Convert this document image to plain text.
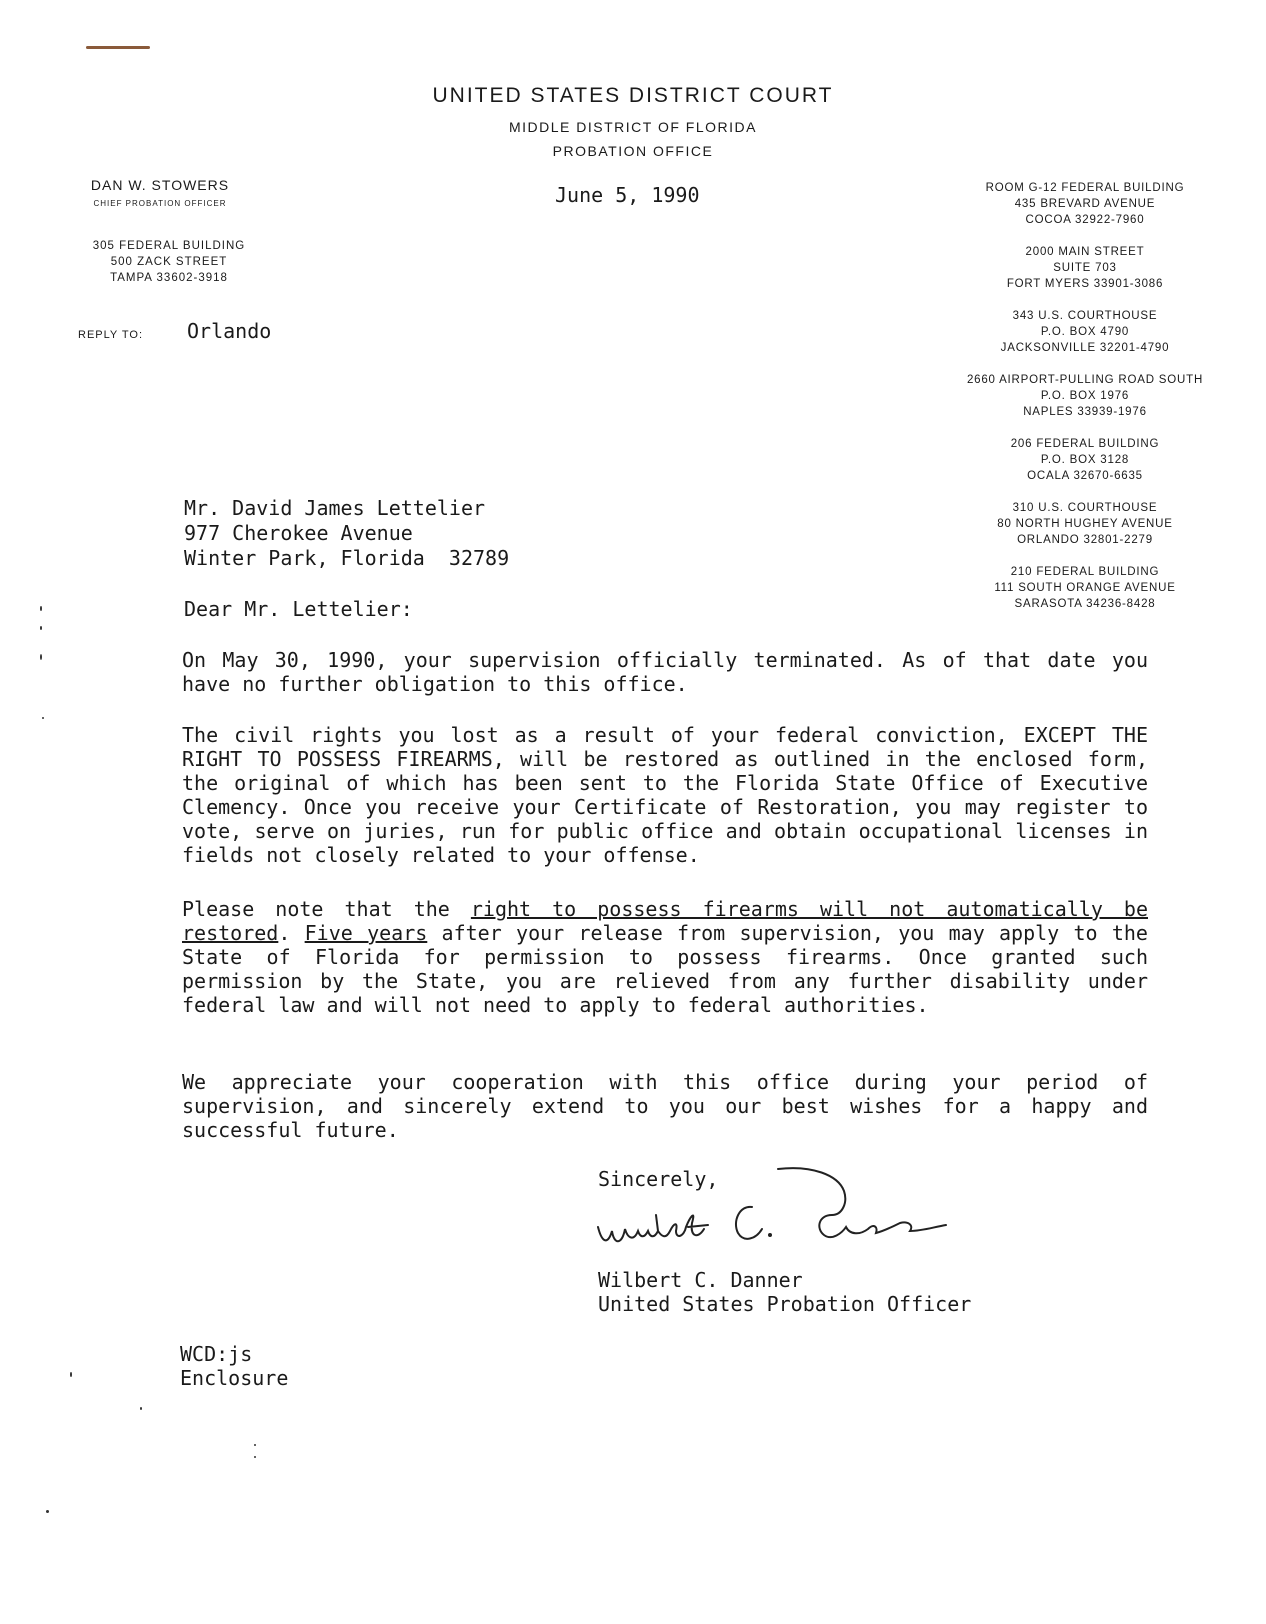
UNITED STATES DISTRICT COURT
MIDDLE DISTRICT OF FLORIDA
PROBATION OFFICE
DAN W. STOWERS
CHIEF PROBATION OFFICER
305 FEDERAL BUILDING
500 ZACK STREET
TAMPA 33602-3918
REPLY TO: Orlando
June 5, 1990	ROOM G-12 FEDERAL BUILDING
435 BREVARD AVENUE
COCOA 32922-7960
2000 MAIN STREET
SUITE 703
FORT MYERS 33901-3086
343 U.S. COURTHOUSE
P.O. BOX 4790
JACKSONVILLE 32201-4790
2660 AIRPORT-PULLING ROAD SOUTH
P.O. BOX 1976
NAPLES 33939-1976
206 FEDERAL BUILDING
P.O. BOX 3128
OCALA 32670-6635
310 U.S. COURTHOUSE
80 NORTH HUGHEY AVENUE
ORLANDO 32801-2279
210 FEDERAL BUILDING
111 SOUTH ORANGE AVENUE
SARASOTA 34236-8428
Mr. David James Lettelier
977 Cherokee Avenue
Winter Park, Florida  32789
Dear Mr. Lettelier:
On May 30, 1990, your supervision officially terminated. As of that date you have no further obligation to this office.
The civil rights you lost as a result of your federal conviction, EXCEPT THE RIGHT TO POSSESS FIREARMS, will be restored as outlined in the enclosed form, the original of which has been sent to the Florida State Office of Executive Clemency. Once you receive your Certificate of Restoration, you may register to vote, serve on juries, run for public office and obtain occupational licenses in fields not closely related to your offense.
Please note that the right to possess firearms will not automatically be restored. Five years after your release from supervision, you may apply to the State of Florida for permission to possess firearms. Once granted such permission by the State, you are relieved from any further disability under federal law and will not need to apply to federal authorities.
We appreciate your cooperation with this office during your period of supervision, and sincerely extend to you our best wishes for a happy and successful future.
Sincerely,
Wilbert C. Danner
United States Probation Officer
WCD:js
Enclosure
